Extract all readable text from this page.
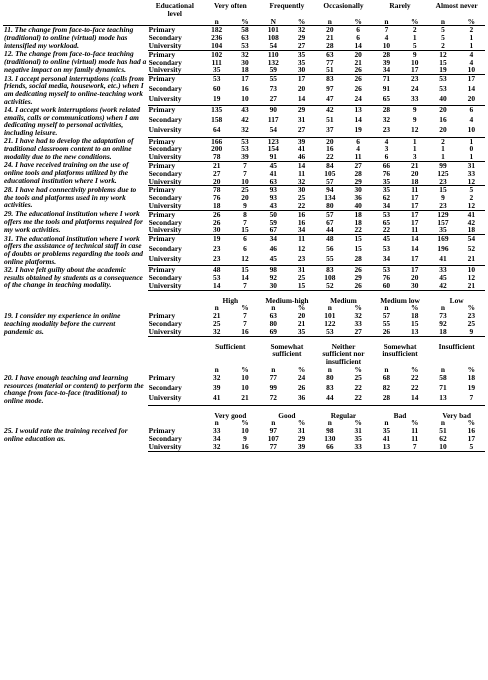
	Educational level	Very often		Frequently		Occasionally		Rarely		Almost never	
		n	%	N	%	n	%	n	%	n	%
11. The change from face-to-face teaching (traditional) to online (virtual) mode has intensified my workload.	Primary	182	58	101	32	20	6	7	2	5	2
	Secondary	236	63	108	29	21	6	4	1	5	1
	University	104	53	54	27	28	14	10	5	2	1
12. The change from face-to-face teaching (traditional) to online (virtual) mode has had a negative impact on my family dynamics.	Primary	102	32	110	35	63	20	28	9	12	4
	Secondary	111	30	132	35	77	21	39	10	15	4
	University	35	18	59	30	51	26	34	17	19	10
13. I accept personal interruptions (calls from friends, social media, housework, etc.) when I am dedicating myself to online-teaching work activities.	Primary	53	17	55	17	83	26	71	23	53	17
	Secondary	60	16	73	20	97	26	91	24	53	14
	University	19	10	27	14	47	24	65	33	40	20
14. I accept work interruptions (work related emails, calls or communications) when I am dedicating myself to personal activities, including leisure.	Primary	135	43	90	29	42	13	28	9	20	6
	Secondary	158	42	117	31	51	14	32	9	16	4
	University	64	32	54	27	37	19	23	12	20	10
21. I have had to develop the adaptation of traditional classroom content to an online modality due to the new conditions.	Primary	166	53	123	39	20	6	4	1	2	1
	Secondary	200	53	154	41	16	4	3	1	1	0
	University	78	39	91	46	22	11	6	3	1	1
24. I have received training on the use of online tools and platforms utilized by the educational institution where I work.	Primary	21	7	45	14	84	27	66	21	99	31
	Secondary	27	7	41	11	105	28	76	20	125	33
	University	20	10	63	32	57	29	35	18	23	12
28. I have had connectivity problems due to the tools and platforms used in my work activities.	Primary	78	25	93	30	94	30	35	11	15	5
	Secondary	76	20	93	25	134	36	62	17	9	2
	University	18	9	43	22	80	40	34	17	23	12
29. The educational institution where I work offers me the tools and platforms required for my work activities.	Primary	26	8	50	16	57	18	53	17	129	41
	Secondary	26	7	59	16	67	18	65	17	157	42
	University	30	15	67	34	44	22	22	11	35	18
31. The educational institution where I work offers the assistance of technical staff in case of doubts or problems regarding the tools and online platforms.	Primary	19	6	34	11	48	15	45	14	169	54
	Secondary	23	6	46	12	56	15	53	14	196	52
	University	23	12	45	23	55	28	34	17	41	21
32. I have felt guilty about the academic results obtained by students as a consequence of the change in teaching modality.	Primary	48	15	98	31	83	26	53	17	33	10
	Secondary	53	14	92	25	108	29	76	20	45	12
	University	14	7	30	15	52	26	60	30	42	21

		High		Medium-high		Medium		Medium low		Low	
		n	%	n	%	n	%	n	%	n	%
19. I consider my experience in online teaching modality before the current pandemic as.	Primary	21	7	63	20	101	32	57	18	73	23
	Secondary	25	7	80	21	122	33	55	15	92	25
	University	32	16	69	35	53	27	26	13	18	9

		Sufficient		Somewhat sufficient		Neither sufficient nor insufficient		Somewhat insufficient		Insufficient	
		n	%	n	%	n	%	n	%	n	%
20. I have enough teaching and learning resources (material or content) to perform the change from face-to-face (traditional) to online mode.	Primary	32	10	77	24	80	25	68	22	58	18
	Secondary	39	10	99	26	83	22	82	22	71	19
	University	41	21	72	36	44	22	28	14	13	7

		Very good		Good		Regular		Bad		Very bad	
		n	%	n	%	n	%	n	%	n	%
25. I would rate the training received for online education as.	Primary	33	10	97	31	98	31	35	11	51	16
	Secondary	34	9	107	29	130	35	41	11	62	17
	University	32	16	77	39	66	33	13	7	10	5
